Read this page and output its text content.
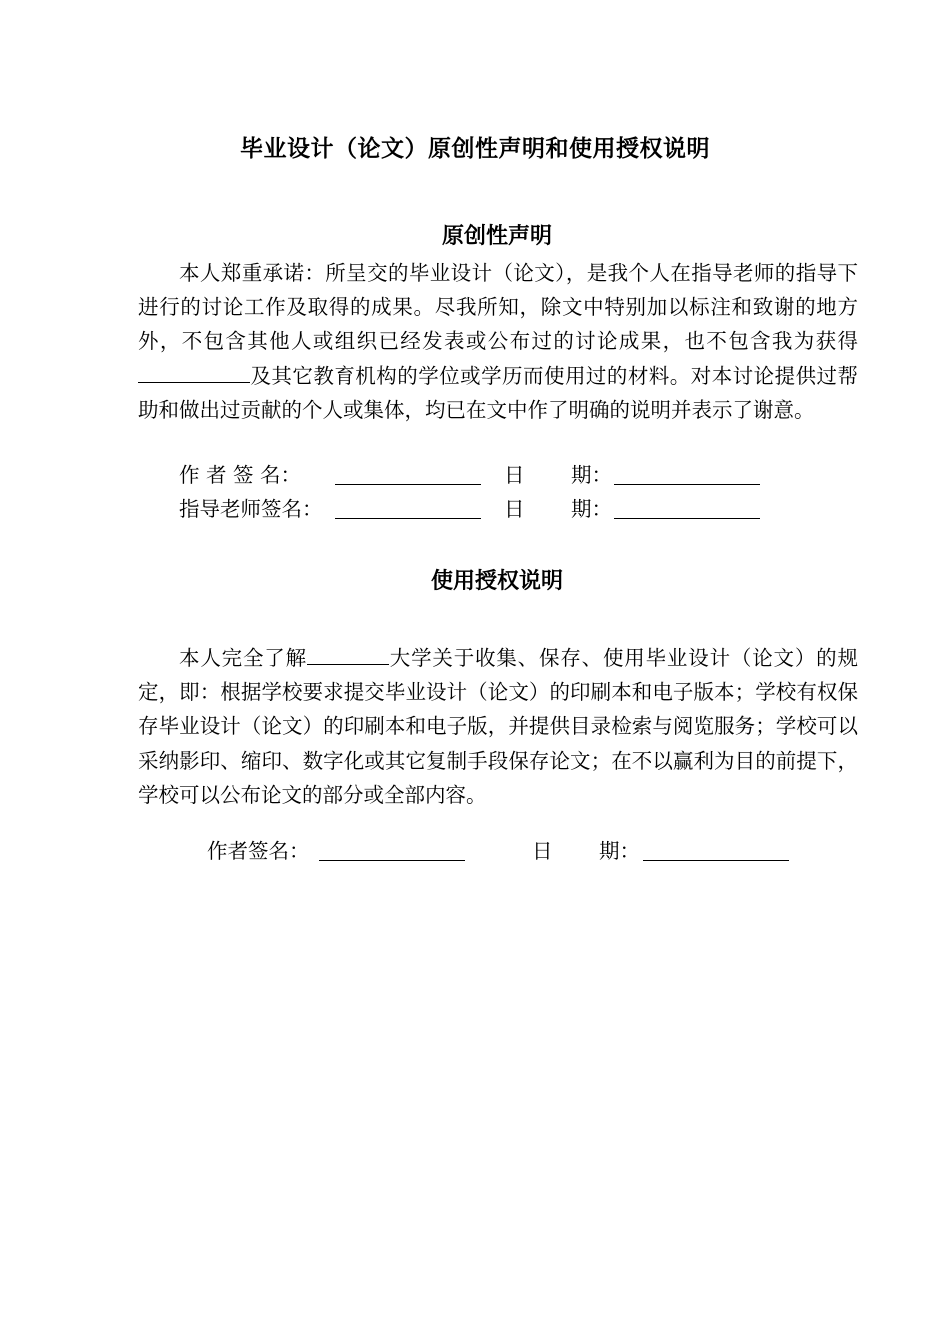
毕业设计（论文）原创性声明和使用授权说明
原创性声明
本人郑重承诺：所呈交的毕业设计（论文），是我个人在指导老师的指导下进行的讨论工作及取得的成果。尽我所知，除文中特别加以标注和致谢的地方外，不包含其他人或组织已经发表或公布过的讨论成果，也不包含我为获得及其它教育机构的学位或学历而使用过的材料。对本讨论提供过帮助和做出过贡献的个人或集体，均已在文中作了明确的说明并表示了谢意。
作 者 签 名：	日 期：
指导老师签名：	日 期：
使用授权说明
本人完全了解	大学关于收集、保存、使用毕业设计（论文）的规定，即：根据学校要求提交毕业设计（论文）的印刷本和电子版本；学校有权保存毕业设计（论文）的印刷本和电子版，并提供目录检索与阅览服务；学校可以采纳影印、缩印、数字化或其它复制手段保存论文；在不以赢利为目的前提下，学校可以公布论文的部分或全部内容。
作者签名：	日 期：
